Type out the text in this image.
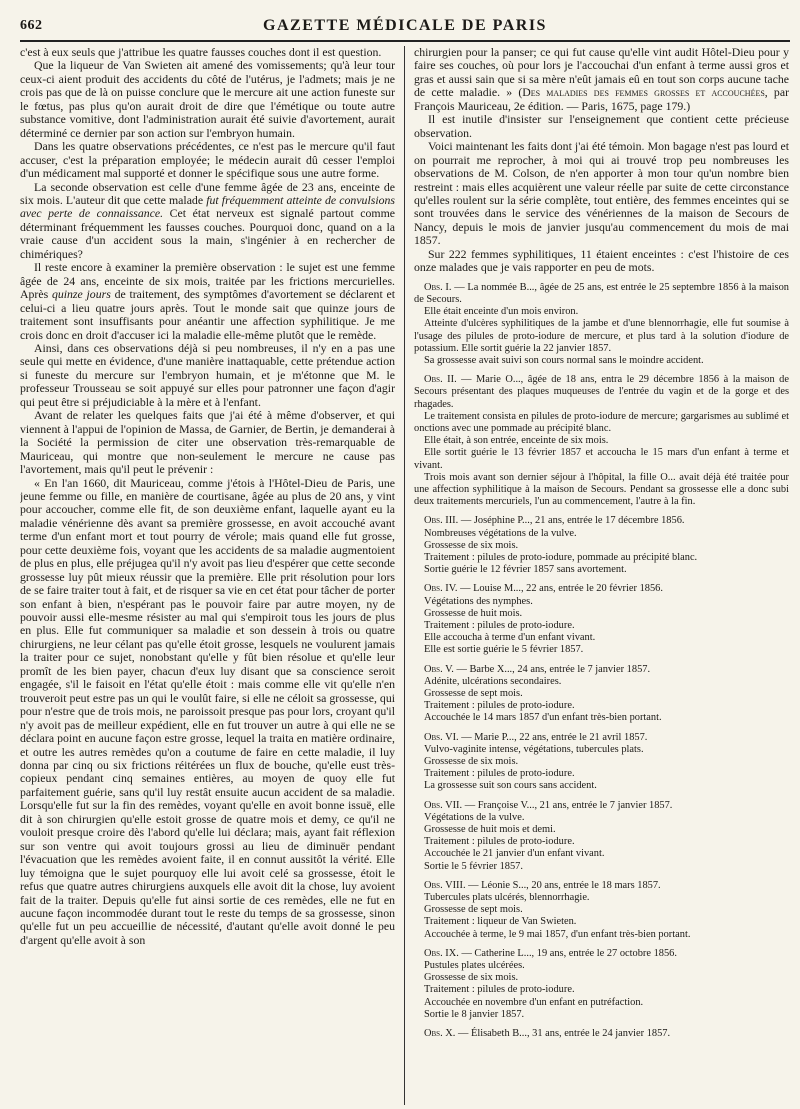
662	GAZETTE MÉDICALE DE PARIS

c'est à eux seuls que j'attribue les quatre fausses couches dont il est question.

Que la liqueur de Van Swieten ait amené des vomissements; qu'à leur tour ceux-ci aient produit des accidents du côté de l'utérus, je l'admets; mais je ne crois pas que de là on puisse conclure que le mercure ait une action funeste sur le fœtus, pas plus qu'on aurait droit de dire que l'émétique ou toute autre substance vomitive, dont l'administration aurait été suivie d'avortement, aurait déterminé ce dernier par son action sur l'embryon humain.

Dans les quatre observations précédentes, ce n'est pas le mercure qu'il faut accuser, c'est la préparation employée; le médecin aurait dû cesser l'emploi d'un médicament mal supporté et donner le spécifique sous une autre forme.

La seconde observation est celle d'une femme âgée de 23 ans, enceinte de six mois. L'auteur dit que cette malade fut fréquemment atteinte de convulsions avec perte de connaissance. Cet état nerveux est signalé partout comme déterminant fréquemment les fausses couches. Pourquoi donc, quand on a la vraie cause d'un accident sous la main, s'ingénier à en rechercher de chimériques?

Il reste encore à examiner la première observation : le sujet est une femme âgée de 24 ans, enceinte de six mois, traitée par les frictions mercurielles. Après quinze jours de traitement, des symptômes d'avortement se déclarent et celui-ci a lieu quatre jours après. Tout le monde sait que quinze jours de traitement sont insuffisants pour anéantir une affection syphilitique. Je me crois donc en droit d'accuser ici la maladie elle-même plutôt que le remède.

Ainsi, dans ces observations déjà si peu nombreuses, il n'y en a pas une seule qui mette en évidence, d'une manière inattaquable, cette prétendue action si funeste du mercure sur l'embryon humain, et je m'étonne que M. le professeur Trousseau se soit appuyé sur elles pour patronner une façon d'agir qui peut être si préjudiciable à la mère et à l'enfant.

Avant de relater les quelques faits que j'ai été à même d'observer, et qui viennent à l'appui de l'opinion de Massa, de Garnier, de Bertin, je demanderai à la Société la permission de citer une observation très-remarquable de Mauriceau, qui montre que non-seulement le mercure ne cause pas l'avortement, mais qu'il peut le prévenir :

« En l'an 1660, dit Mauriceau, comme j'étois à l'Hôtel-Dieu de Paris, une jeune femme ou fille, en manière de courtisane, âgée au plus de 20 ans, y vint pour accoucher, comme elle fit, de son deuxième enfant, laquelle ayant eu la maladie vénérienne dès avant sa première grossesse, en avoit accouché avant terme d'un enfant mort et tout pourry de vérole; mais quand elle fut grosse, pour cette deuxième fois, voyant que les accidents de sa maladie augmentoient de plus en plus, elle préjugea qu'il n'y avoit pas lieu d'espérer que cette seconde grossesse luy pût mieux réussir que la première. Elle prit résolution pour lors de se faire traiter tout à fait, et de risquer sa vie en cet état pour tâcher de porter son enfant à bien, n'espérant pas le pouvoir faire par autre moyen, ny de pouvoir aussi elle-mesme résister au mal qui s'empiroit tous les jours de plus en plus. Elle fut communiquer sa maladie et son dessein à trois ou quatre chirurgiens, ne leur célant pas qu'elle étoit grosse, lesquels ne voulurent jamais la traiter pour ce sujet, nonobstant qu'elle y fût bien résolue et qu'elle leur promît de les bien payer, chacun d'eux luy disant que sa conscience seroit engagée, s'il le faisoit en l'état qu'elle étoit : mais comme elle vit qu'elle n'en trouveroit peut estre pas un qui le voulût faire, si elle ne céloit sa grossesse, qui pour n'estre que de trois mois, ne paroissoit presque pas pour lors, croyant qu'il n'y avoit pas de meilleur expédient, elle en fut trouver un autre à qui elle ne se déclara point en aucune façon estre grosse, lequel la traita en matière ordinaire, et outre les autres remèdes qu'on a coutume de faire en cette maladie, il luy donna par cinq ou six frictions réitérées un flux de bouche, qu'elle eust très-copieux pendant cinq semaines entières, au moyen de quoy elle fut parfaitement guérie, sans qu'il luy restât ensuite aucun accident de sa maladie. Lorsqu'elle fut sur la fin des remèdes, voyant qu'elle en avoit bonne issuë, elle dit à son chirurgien qu'elle estoit grosse de quatre mois et demy, ce qu'il ne vouloit presque croire dès l'abord qu'elle lui déclara; mais, ayant fait réflexion sur son ventre qui avoit toujours grossi au lieu de diminuër pendant l'évacuation que les remèdes avoient faite, il en connut aussitôt la vérité. Elle luy témoigna que le sujet pourquoy elle lui avoit celé sa grossesse, étoit le refus que quatre autres chirurgiens auxquels elle avoit dit la chose, luy avoient fait de la traiter. Depuis qu'elle fut ainsi sortie de ces remèdes, elle ne fut en aucune façon incommodée durant tout le reste du temps de sa grossesse, sinon qu'elle fut un peu accueillie de nécessité, d'autant qu'elle avoit donné le peu d'argent qu'elle avoit à son

chirurgien pour la panser; ce qui fut cause qu'elle vint audit Hôtel-Dieu pour y faire ses couches, où pour lors je l'accouchai d'un enfant à terme aussi gros et gras et aussi sain que si sa mère n'eût jamais eû en tout son corps aucune tache de cette maladie. » (Des maladies des femmes grosses et accouchées, par François Mauriceau, 2e édition. — Paris, 1675, page 179.)

Il est inutile d'insister sur l'enseignement que contient cette précieuse observation.

Voici maintenant les faits dont j'ai été témoin. Mon bagage n'est pas lourd et on pourrait me reprocher, à moi qui ai trouvé trop peu nombreuses les observations de M. Colson, de n'en apporter à mon tour qu'un nombre bien restreint : mais elles acquièrent une valeur réelle par suite de cette circonstance qu'elles roulent sur la série complète, tout entière, des femmes enceintes qui se sont trouvées dans le service des vénériennes de la maison de Secours de Nancy, depuis le mois de janvier jusqu'au commencement du mois de mai 1857.

Sur 222 femmes syphilitiques, 11 étaient enceintes : c'est l'histoire de ces onze malades que je vais rapporter en peu de mots.

Obs. I. — La nommée B..., âgée de 25 ans, est entrée le 25 septembre 1856 à la maison de Secours.

Elle était enceinte d'un mois environ.

Atteinte d'ulcères syphilitiques de la jambe et d'une blennorrhagie, elle fut soumise à l'usage des pilules de proto-iodure de mercure, et plus tard à la solution d'iodure de potassium. Elle sortit guérie la 22 janvier 1857.

Sa grossesse avait suivi son cours normal sans le moindre accident.

Obs. II. — Marie O..., âgée de 18 ans, entra le 29 décembre 1856 à la maison de Secours présentant des plaques muqueuses de l'entrée du vagin et de la gorge et des rhagades.

Le traitement consista en pilules de proto-iodure de mercure; gargarismes au sublimé et onctions avec une pommade au précipité blanc.

Elle était, à son entrée, enceinte de six mois.

Elle sortit guérie le 13 février 1857 et accoucha le 15 mars d'un enfant à terme et vivant.

Trois mois avant son dernier séjour à l'hôpital, la fille O... avait déjà été traitée pour une affection syphilitique à la maison de Secours. Pendant sa grossesse elle a donc subi deux traitements mercuriels, l'un au commencement, l'autre à la fin.

Obs. III. — Joséphine P..., 21 ans, entrée le 17 décembre 1856.

Nombreuses végétations de la vulve.

Grossesse de six mois.

Traitement : pilules de proto-iodure, pommade au précipité blanc.

Sortie guérie le 12 février 1857 sans avortement.

Obs. IV. — Louise M..., 22 ans, entrée le 20 février 1856.

Végétations des nymphes.

Grossesse de huit mois.

Traitement : pilules de proto-iodure.

Elle accoucha à terme d'un enfant vivant.

Elle est sortie guérie le 5 février 1857.

Obs. V. — Barbe X..., 24 ans, entrée le 7 janvier 1857.

Adénite, ulcérations secondaires.

Grossesse de sept mois.

Traitement : pilules de proto-iodure.

Accouchée le 14 mars 1857 d'un enfant très-bien portant.

Obs. VI. — Marie P..., 22 ans, entrée le 21 avril 1857.

Vulvo-vaginite intense, végétations, tubercules plats.

Grossesse de six mois.

Traitement : pilules de proto-iodure.

La grossesse suit son cours sans accident.

Obs. VII. — Françoise V..., 21 ans, entrée le 7 janvier 1857.

Végétations de la vulve.

Grossesse de huit mois et demi.

Traitement : pilules de proto-iodure.

Accouchée le 21 janvier d'un enfant vivant.

Sortie le 5 février 1857.

Obs. VIII. — Léonie S..., 20 ans, entrée le 18 mars 1857.

Tubercules plats ulcérés, blennorrhagie.

Grossesse de sept mois.

Traitement : liqueur de Van Swieten.

Accouchée à terme, le 9 mai 1857, d'un enfant très-bien portant.

Obs. IX. — Catherine L..., 19 ans, entrée le 27 octobre 1856.

Pustules plates ulcérées.

Grossesse de six mois.

Traitement : pilules de proto-iodure.

Accouchée en novembre d'un enfant en putréfaction.

Sortie le 8 janvier 1857.

Obs. X. — Élisabeth B..., 31 ans, entrée le 24 janvier 1857.
